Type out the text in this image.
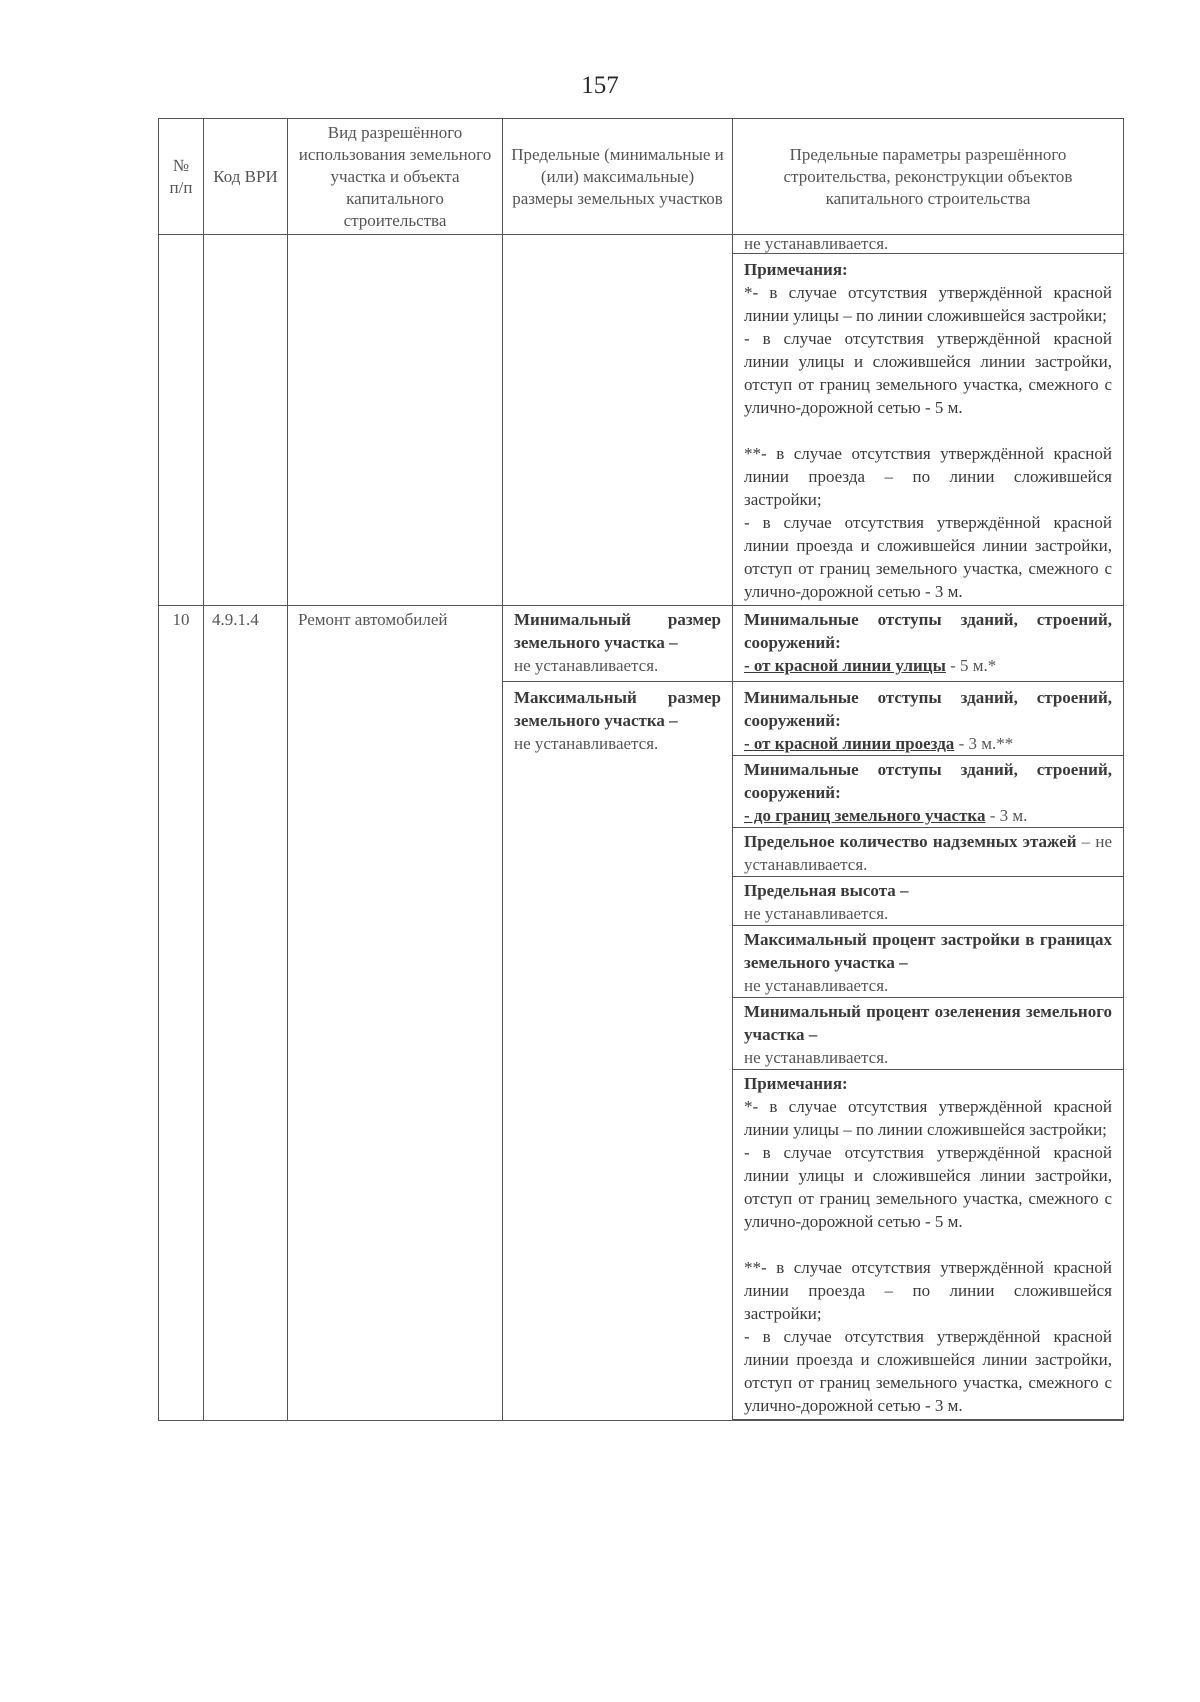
157
№ п/п	Код ВРИ	Вид разрешённого использования земельного участка и объекта капитального строительства	Предельные (минимальные и (или) максимальные) размеры земельных участков	Предельные параметры разрешённого строительства, реконструкции объектов капитального строительства
				не устанавливается.

				Примечания:

*- в случае отсутствия утверждённой красной линии улицы – по линии сложившейся застройки;

- в случае отсутствия утверждённой красной линии улицы и сложившейся линии застройки, отступ от границ земельного участка, смежного с улично-дорожной сетью - 5 м.

**- в случае отсутствия утверждённой красной линии проезда – по линии сложившейся застройки;

- в случае отсутствия утверждённой красной линии проезда и сложившейся линии застройки, отступ от границ земельного участка, смежного с улично-дорожной сетью - 3 м.

10	4.9.1.4	Ремонт автомобилей	Минимальный размер земельного участка –
не устанавливается.	Минимальные отступы зданий, строений, сооружений:
- от красной линии улицы - 5 м.*
			Максимальный размер земельного участка –
не устанавливается.	Минимальные отступы зданий, строений, сооружений:
- от красной линии проезда - 3 м.**
				Минимальные отступы зданий, строений, сооружений:
- до границ земельного участка - 3 м.
				Предельное количество надземных этажей – не устанавливается.
				Предельная высота –
не устанавливается.
				Максимальный процент застройки в границах земельного участка –
не устанавливается.
				Минимальный процент озеленения земельного участка –
не устанавливается.

				Примечания:

*- в случае отсутствия утверждённой красной линии улицы – по линии сложившейся застройки;

- в случае отсутствия утверждённой красной линии улицы и сложившейся линии застройки, отступ от границ земельного участка, смежного с улично-дорожной сетью - 5 м.

**- в случае отсутствия утверждённой красной линии проезда – по линии сложившейся застройки;

- в случае отсутствия утверждённой красной линии проезда и сложившейся линии застройки, отступ от границ земельного участка, смежного с улично-дорожной сетью - 3 м.
